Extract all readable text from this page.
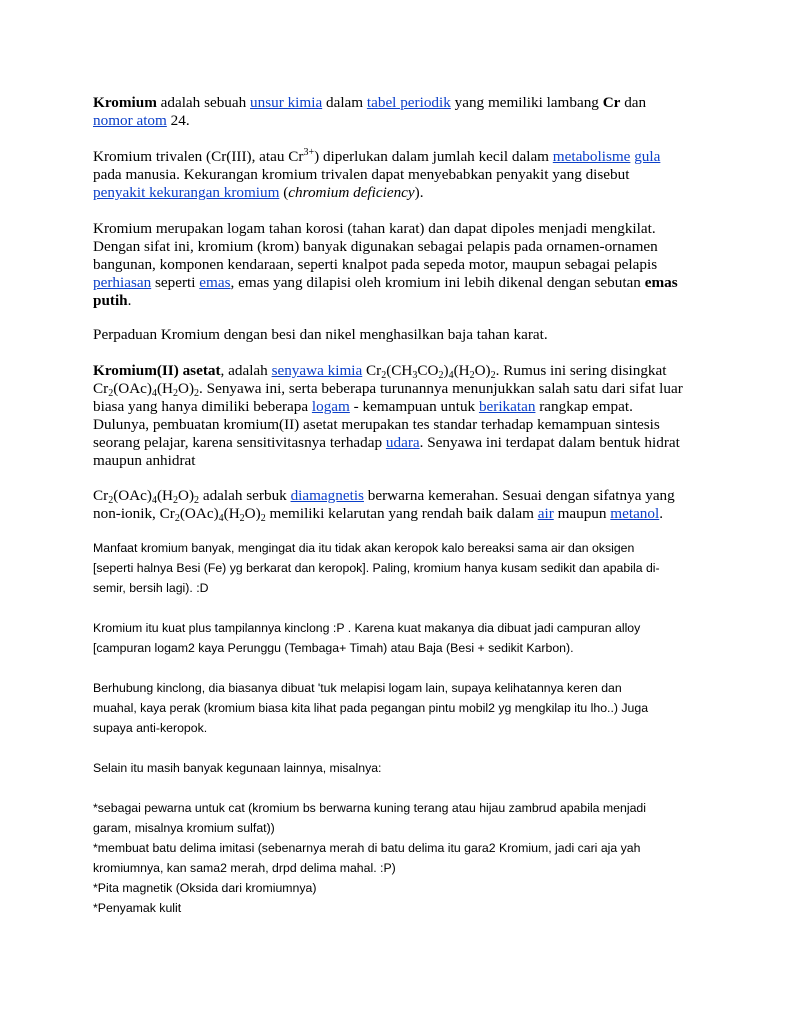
Kromium adalah sebuah unsur kimia dalam tabel periodik yang memiliki lambang Cr dan
nomor atom 24.
Kromium trivalen (Cr(III), atau $Cr^{3+}$) diperlukan dalam jumlah kecil dalam metabolisme gula
pada manusia. Kekurangan kromium trivalen dapat menyebabkan penyakit yang disebut
penyakit kekurangan kromium (chromium deficiency).
Kromium merupakan logam tahan korosi (tahan karat) dan dapat dipoles menjadi mengkilat.
Dengan sifat ini, kromium (krom) banyak digunakan sebagai pelapis pada ornamen-ornamen
bangunan, komponen kendaraan, seperti knalpot pada sepeda motor, maupun sebagai pelapis
perhiasan seperti emas, emas yang dilapisi oleh kromium ini lebih dikenal dengan sebutan emas
putih.
Perpaduan Kromium dengan besi dan nikel menghasilkan baja tahan karat.
Kromium(II) asetat, adalah senyawa kimia $Cr_2(CH_3CO_2)_4(H_2O)_2$. Rumus ini sering disingkat
$Cr_2(OAc)_4(H_2O)_2$. Senyawa ini, serta beberapa turunannya menunjukkan salah satu dari sifat luar
biasa yang hanya dimiliki beberapa logam - kemampuan untuk berikatan rangkap empat.
Dulunya, pembuatan kromium(II) asetat merupakan tes standar terhadap kemampuan sintesis
seorang pelajar, karena sensitivitasnya terhadap udara. Senyawa ini terdapat dalam bentuk hidrat
maupun anhidrat
$Cr_2(OAc)_4(H_2O)_2$ adalah serbuk diamagnetis berwarna kemerahan. Sesuai dengan sifatnya yang
non-ionik, $Cr_2(OAc)_4(H_2O)_2$ memiliki kelarutan yang rendah baik dalam air maupun metanol.
Manfaat kromium banyak, mengingat dia itu tidak akan keropok kalo bereaksi sama air dan oksigen
[seperti halnya Besi (Fe) yg berkarat dan keropok]. Paling, kromium hanya kusam sedikit dan apabila di-
semir, bersih lagi). :D
Kromium itu kuat plus tampilannya kinclong :P . Karena kuat makanya dia dibuat jadi campuran alloy
[campuran logam2 kaya Perunggu (Tembaga+ Timah) atau Baja (Besi + sedikit Karbon).
Berhubung kinclong, dia biasanya dibuat 'tuk melapisi logam lain, supaya kelihatannya keren dan
muahal, kaya perak (kromium biasa kita lihat pada pegangan pintu mobil2 yg mengkilap itu lho..) Juga
supaya anti-keropok.
Selain itu masih banyak kegunaan lainnya, misalnya:
*sebagai pewarna untuk cat (kromium bs berwarna kuning terang atau hijau zambrud apabila menjadi
garam, misalnya kromium sulfat))
*membuat batu delima imitasi (sebenarnya merah di batu delima itu gara2 Kromium, jadi cari aja yah
kromiumnya, kan sama2 merah, drpd delima mahal. :P)
*Pita magnetik (Oksida dari kromiumnya)
*Penyamak kulit
